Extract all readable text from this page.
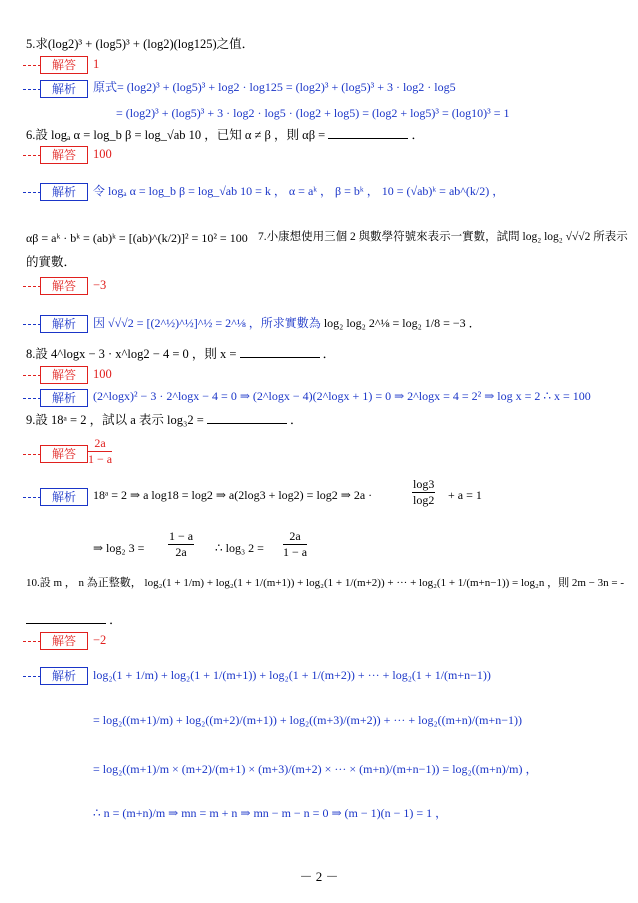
5.求(log2)³ + (log5)³ + (log2)(log125)之值．
解答	1
解析	原式= (log2)³ + (log5)³ + log2 · log125 = (log2)³ + (log5)³ + 3 · log2 · log5
= (log2)³ + (log5)³ + 3 · log2 · log5 · (log2 + log5) = (log2 + log5)³ = (log10)³ = 1
6.設 logₐ α = log_b β = log_√ab 10 ，已知 α ≠ β ，則 αβ =	．
解答	100
解析	令 logₐ α = log_b β = log_√ab 10 = k ， α = aᵏ ， β = bᵏ ， 10 = (√ab)ᵏ = ab^(k/2) ，
αβ = aᵏ · bᵏ = (ab)ᵏ = [(ab)^(k/2)]² = 10² = 100 7.小康想使用三個 2 與數學符號來表示一實數，試問 log₂ log₂ √√√2 所表示
的實數．
解答	−3
解析	因 √√√2 = [(2^½)^½]^½ = 2^⅛ ，所求實數為 log₂ log₂ 2^⅛ = log₂ 1/8 = −3 ．
8.設 4^logx − 3 · x^log2 − 4 = 0 ，則 x =	．
解答	100
解析	(2^logx)² − 3 · 2^logx − 4 = 0 ⇒ (2^logx − 4)(2^logx + 1) = 0 ⇒ 2^logx = 4 = 2² ⇒ log x = 2 ∴ x = 100
9.設 18ᵃ = 2 ，試以 a 表示 log₃2 =	．
解答	$\frac{2a}{1 - a}$
解析	18ᵃ = 2 ⇒ a log18 = log2 ⇒ a(2log3 + log2) = log2 ⇒ 2a ·	$\frac{\log 3}{\log 2} + a = 1$
⇒ log₂ $3 = \frac{1 - a}{2a}$ ∴ log₃ $2 = \frac{2a}{1 - a}$
10.設 m ， n 為正整數， log₂(1 + 1/m) + log₂(1 + 1/(m+1)) + log₂(1 + 1/(m+2)) + ··· + log₂(1 + 1/(m+n−1)) = log₂n ，則 2m − 3n = -
．
解答	−2
解析	log₂(1 + 1/m) + log₂(1 + 1/(m+1)) + log₂(1 + 1/(m+2)) + ··· + log₂(1 + 1/(m+n−1))
= log₂((m+1)/m) + log₂((m+2)/(m+1)) + log₂((m+3)/(m+2)) + ··· + log₂((m+n)/(m+n−1))
= log₂((m+1)/m × (m+2)/(m+1) × (m+3)/(m+2) × ··· × (m+n)/(m+n−1)) = log₂((m+n)/m) ，
∴ n = (m+n)/m ⇒ mn = m + n ⇒ mn − m − n = 0 ⇒ (m − 1)(n − 1) = 1 ，
－ 2 －
